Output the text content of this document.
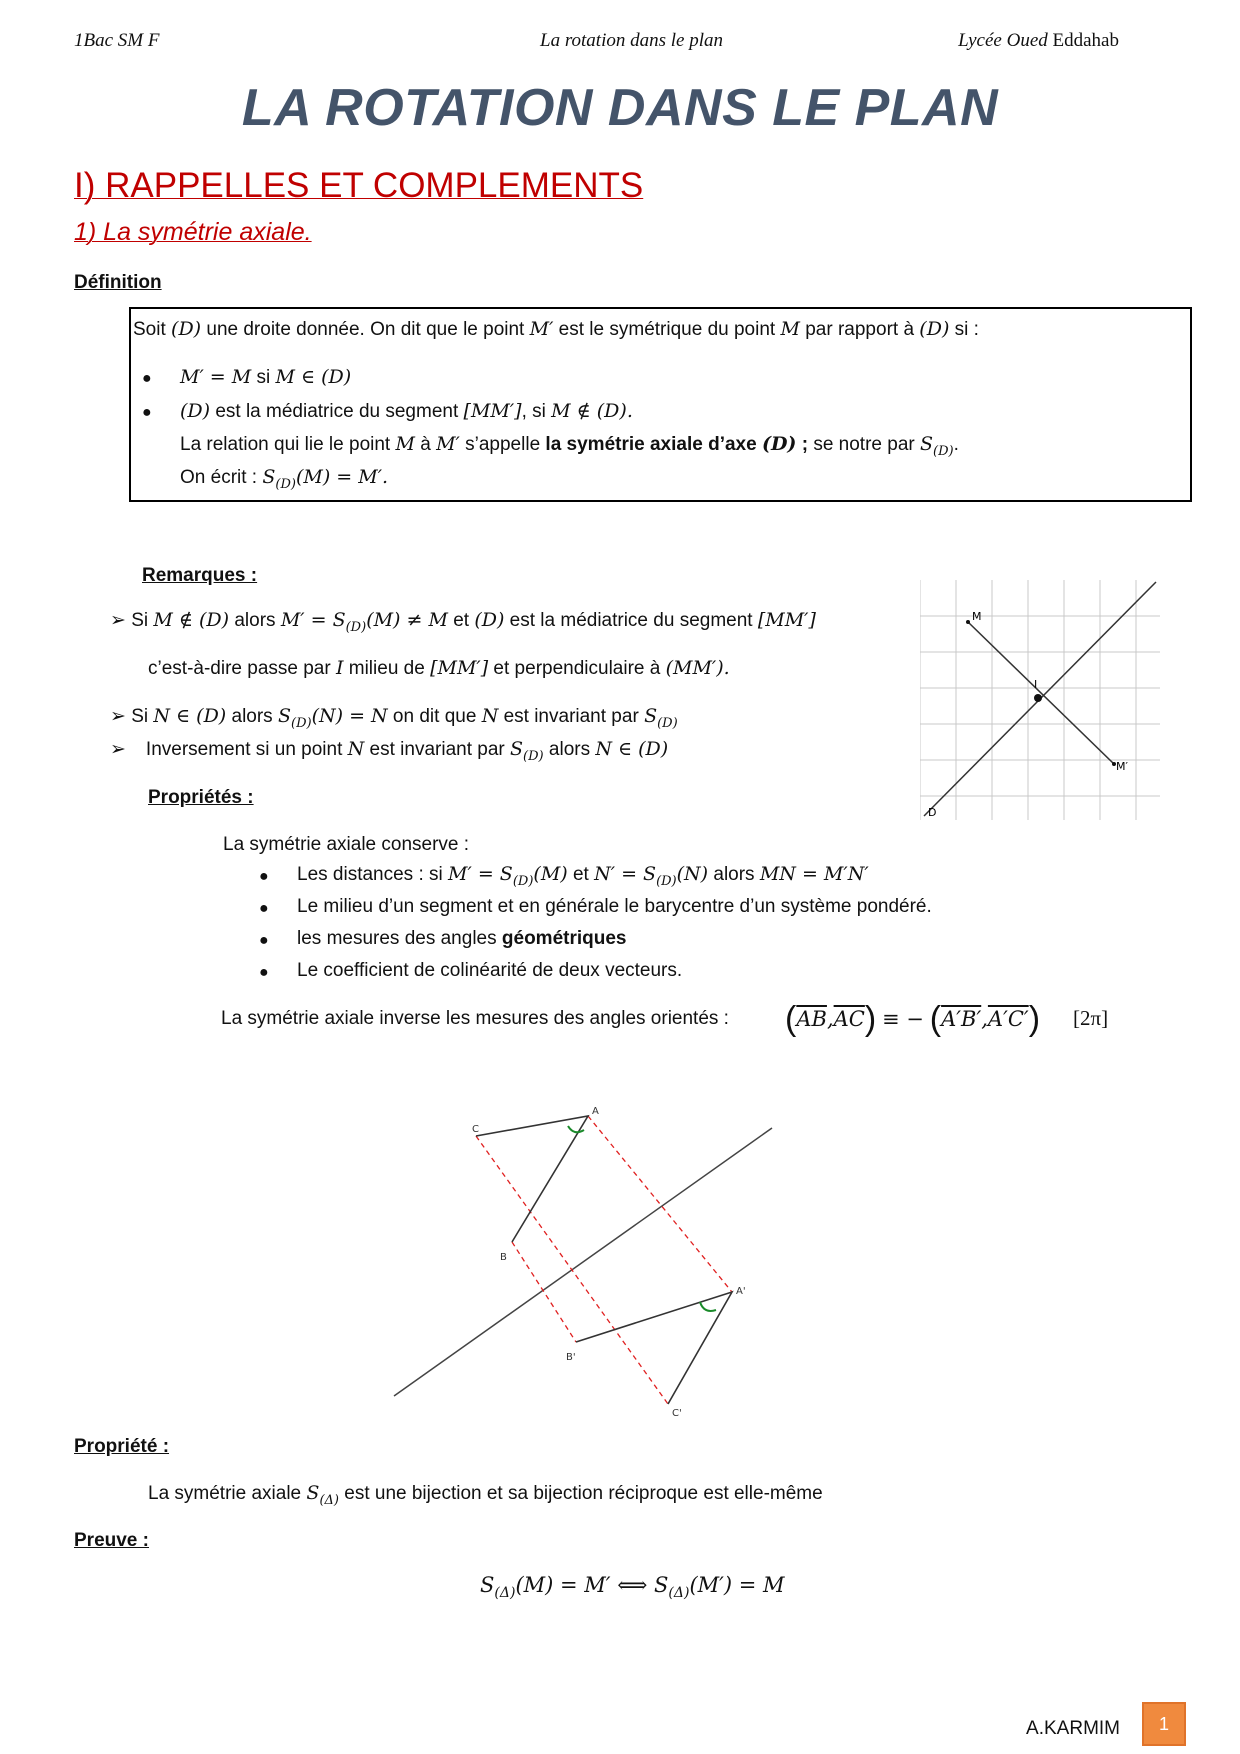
1Bac SM F	La rotation dans le plan	Lycée Oued Eddahab
LA ROTATION DANS LE PLAN
I) RAPPELLES ET COMPLEMENTS
1) La symétrie axiale.
Définition
Soit (D) une droite donnée. On dit que le point M′ est le symétrique du point M par rapport à (D) si :
● M′ = M si M ∈ (D)
● (D) est la médiatrice du segment [MM′], si M ∉ (D).
La relation qui lie le point M à M′ s’appelle la symétrie axiale d’axe (D) ; se notre par $S_{(D)}$.
On écrit : $S_{(D)}(M) = M'$.
Remarques :
➢ Si M ∉ (D) alors $M' = S_{(D)}(M) \ne M$ et (D) est la médiatrice du segment [MM′]
c’est-à-dire passe par I milieu de [MM′] et perpendiculaire à (MM′).
➢ Si N ∈ (D) alors $S_{(D)}(N) = N$ on dit que N est invariant par $S_{(D)}$
➢ Inversement si un point N est invariant par $S_{(D)}$ alors N ∈ (D)
M
I
M′
D
Propriétés :
La symétrie axiale conserve :
● Les distances : si $M' = S_{(D)}(M)$ et $N' = S_{(D)}(N)$ alors MN = M′N′
● Le milieu d’un segment et en générale le barycentre d’un système pondéré.
● les mesures des angles géométriques
● Le coefficient de colinéarité de deux vecteurs.
La symétrie axiale inverse les mesures des angles orientés : $(\overline{AB},\overline{AC})$ ≡ − (A′B′,A′C′) [2π]
C
A
B
A'
B'
C'
Propriété :
La symétrie axiale $S_{(\Delta)}$ est une bijection et sa bijection réciproque est elle-même
Preuve :
$S_{(\Delta)}(M) = M'$ ⟺ $S_{(\Delta)}(M') = M$
A.KARMIM	1
